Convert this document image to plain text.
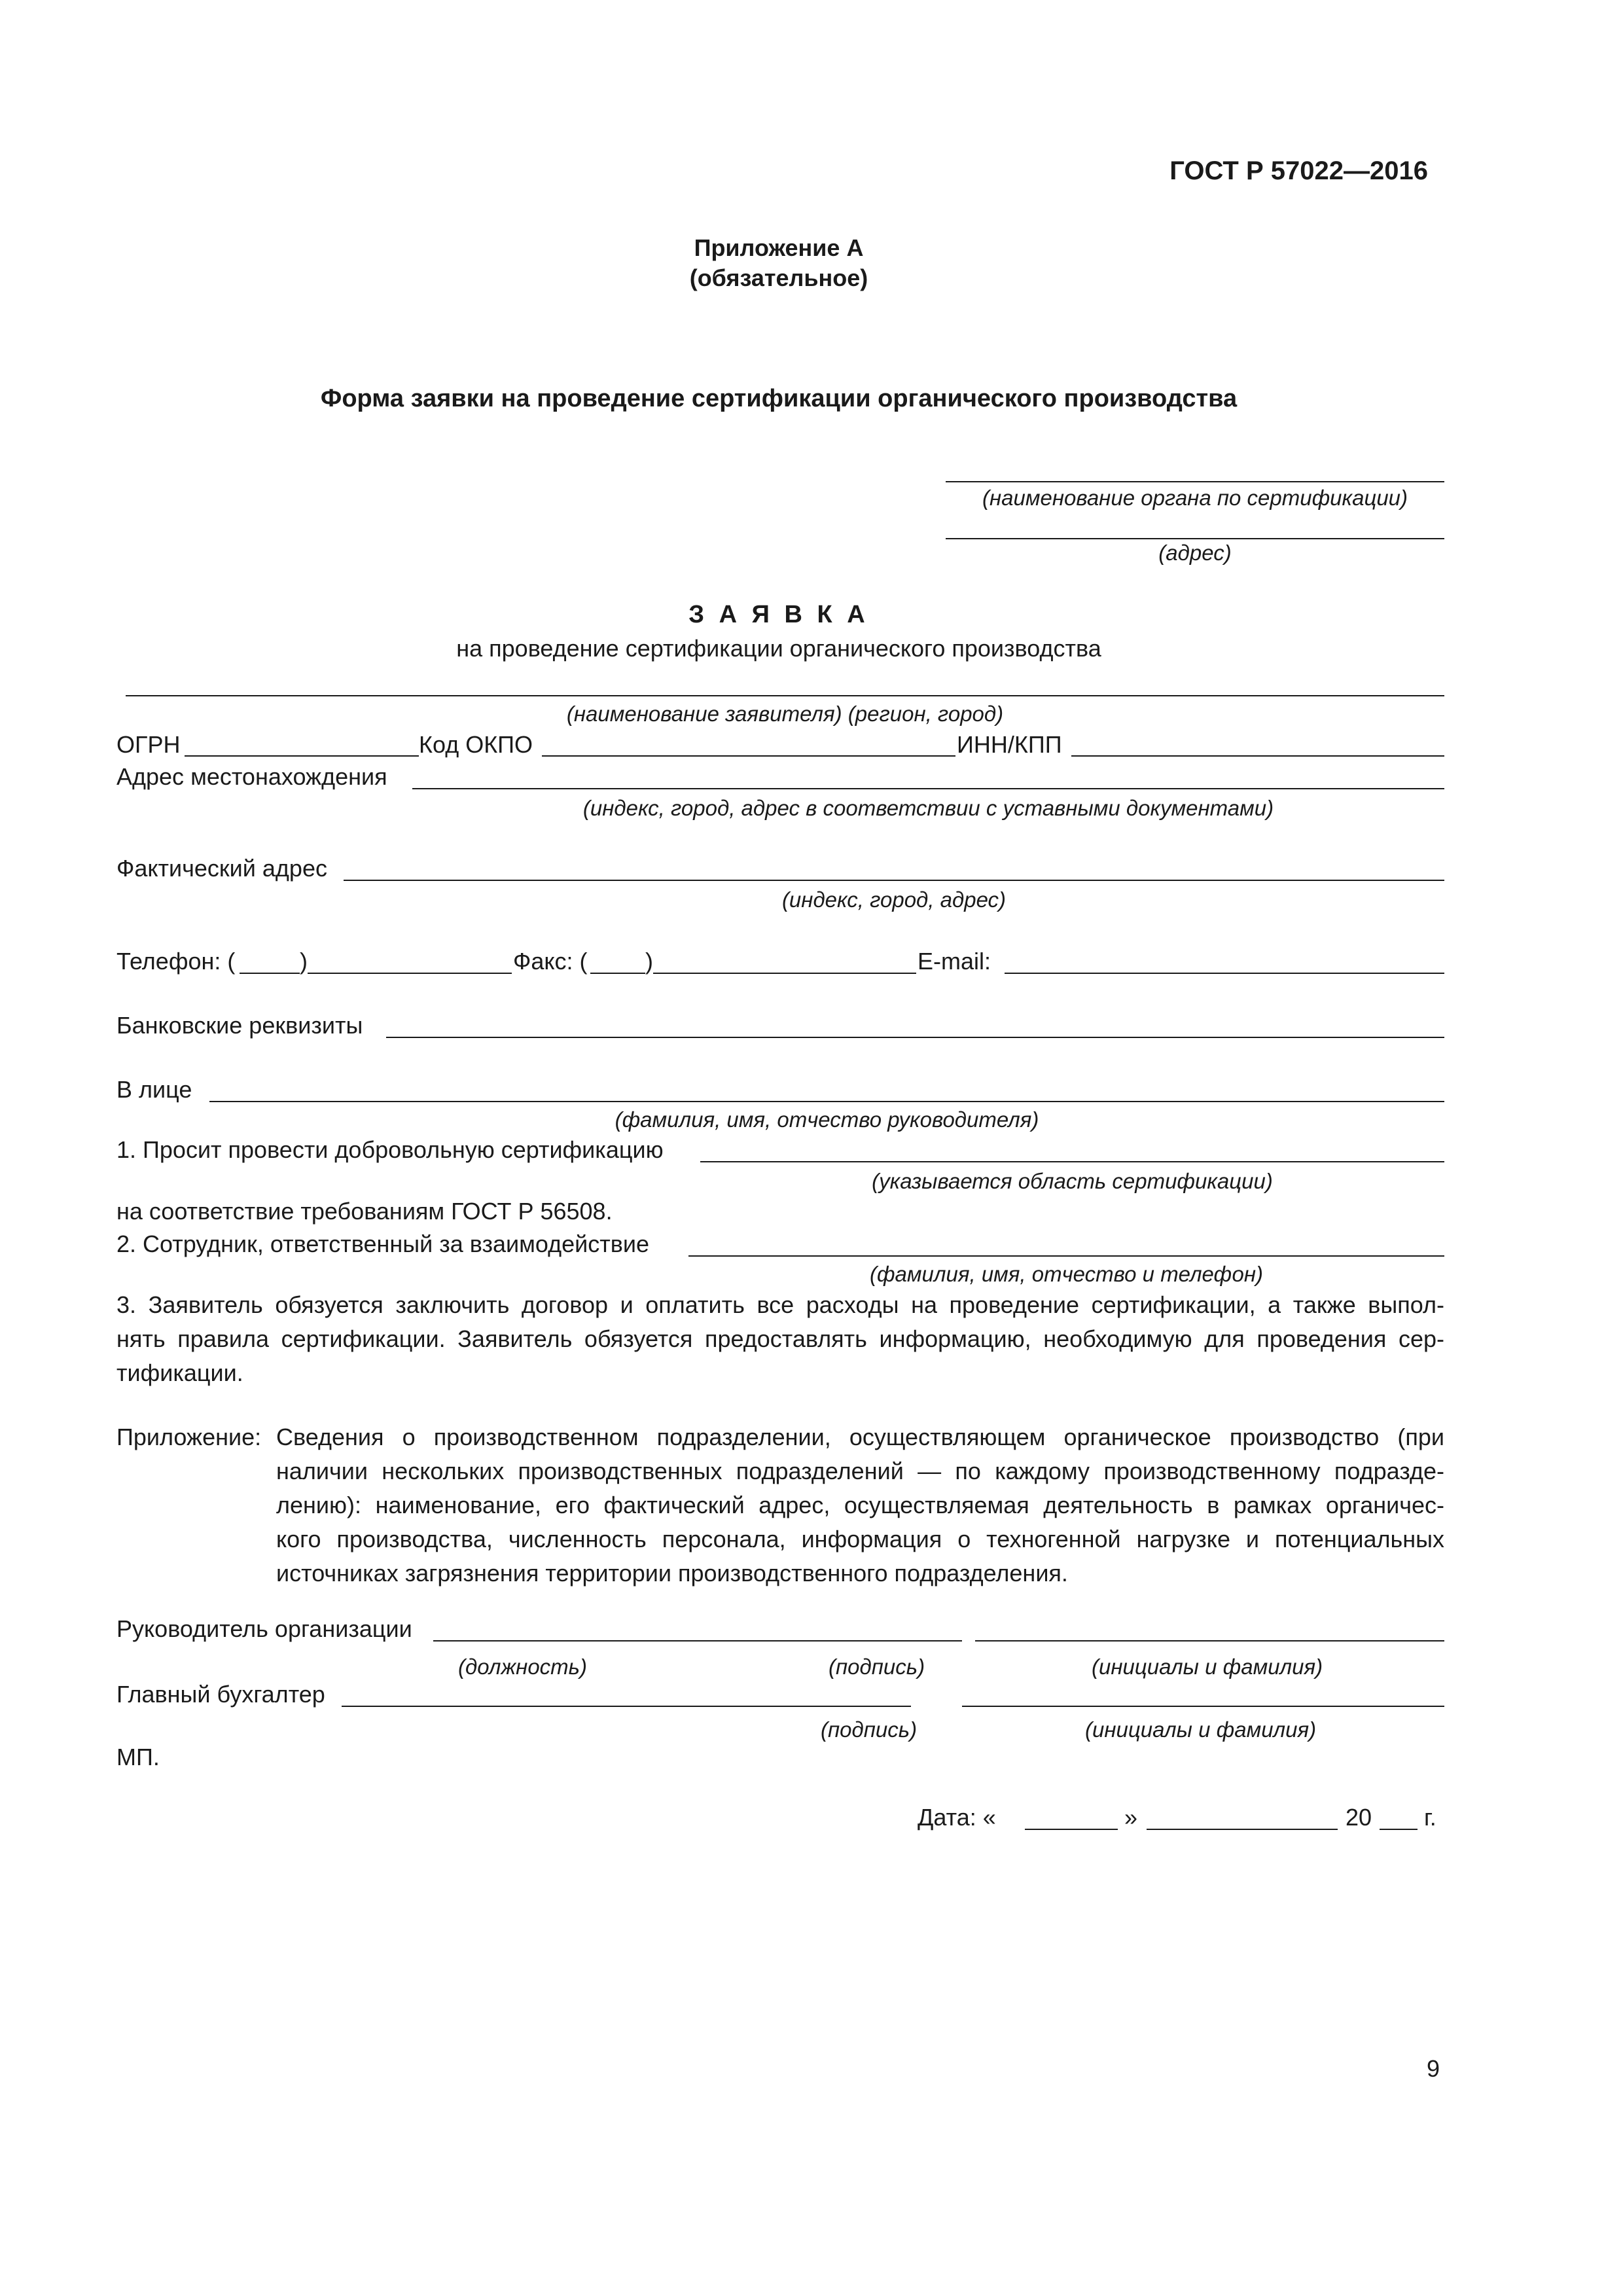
ГОСТ Р 57022—2016
Приложение А
(обязательное)
Форма заявки на проведение сертификации органического производства
(наименование органа по сертификации)
(адрес)
З А Я В К А
на проведение сертификации органического производства
(наименование заявителя) (регион, город)
ОГРН	Код ОКПО	ИНН/КПП
Адрес местонахождения
(индекс, город, адрес в соответствии с уставными документами)
Фактический адрес
(индекс, город, адрес)
Телефон: (	)	Факс: ( )	E-mail:
Банковские реквизиты
В лице
(фамилия, имя, отчество руководителя)
1. Просит провести добровольную сертификацию
(указывается область сертификации)
на соответствие требованиям ГОСТ Р 56508.
2. Сотрудник, ответственный за взаимодействие
(фамилия, имя, отчество и телефон)
3. Заявитель обязуется заключить договор и оплатить все расходы на проведение сертификации, а также выпол-
нять правила сертификации. Заявитель обязуется предоставлять информацию, необходимую для проведения сер-
тификации.
Приложение: Сведения о производственном подразделении, осуществляющем органическое производство (при
наличии нескольких производственных подразделений — по каждому производственному подразде-
лению): наименование, его фактический адрес, осуществляемая деятельность в рамках органичес-
кого производства, численность персонала, информация о техногенной нагрузке и потенциальных
источниках загрязнения территории производственного подразделения.
Руководитель организации
(должность)	(подпись)	(инициалы и фамилия)
Главный бухгалтер
(подпись)	(инициалы и фамилия)
МП.
Дата: «	»	20 г.
9
